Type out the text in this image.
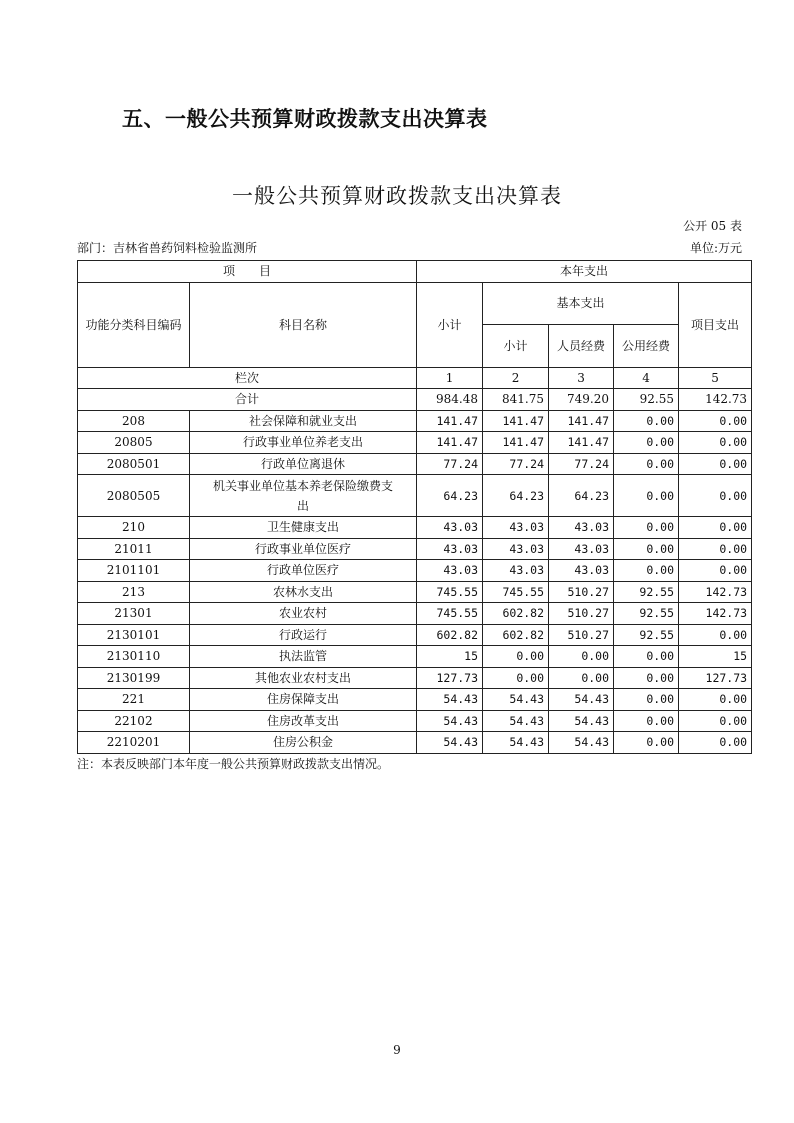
五、一般公共预算财政拨款支出决算表
一般公共预算财政拨款支出决算表
公开 05 表
部门：吉林省兽药饲料检验监测所	单位:万元
项　　目		本年支出				
功能分类科目编码	科目名称	小计	基本支出			项目支出
			小计	人员经费	公用经费	
栏次		1	2	3	4	5
合计		984.48	841.75	749.20	92.55	142.73
208	社会保障和就业支出	141.47	141.47	141.47	0.00	0.00
20805	行政事业单位养老支出	141.47	141.47	141.47	0.00	0.00
2080501	行政单位离退休	77.24	77.24	77.24	0.00	0.00
2080505	机关事业单位基本养老保险缴费支出	64.23	64.23	64.23	0.00	0.00
210	卫生健康支出	43.03	43.03	43.03	0.00	0.00
21011	行政事业单位医疗	43.03	43.03	43.03	0.00	0.00
2101101	行政单位医疗	43.03	43.03	43.03	0.00	0.00
213	农林水支出	745.55	745.55	510.27	92.55	142.73
21301	农业农村	745.55	602.82	510.27	92.55	142.73
2130101	行政运行	602.82	602.82	510.27	92.55	0.00
2130110	执法监管	15	0.00	0.00	0.00	15
2130199	其他农业农村支出	127.73	0.00	0.00	0.00	127.73
221	住房保障支出	54.43	54.43	54.43	0.00	0.00
22102	住房改革支出	54.43	54.43	54.43	0.00	0.00
2210201	住房公积金	54.43	54.43	54.43	0.00	0.00
注：本表反映部门本年度一般公共预算财政拨款支出情况。
9
